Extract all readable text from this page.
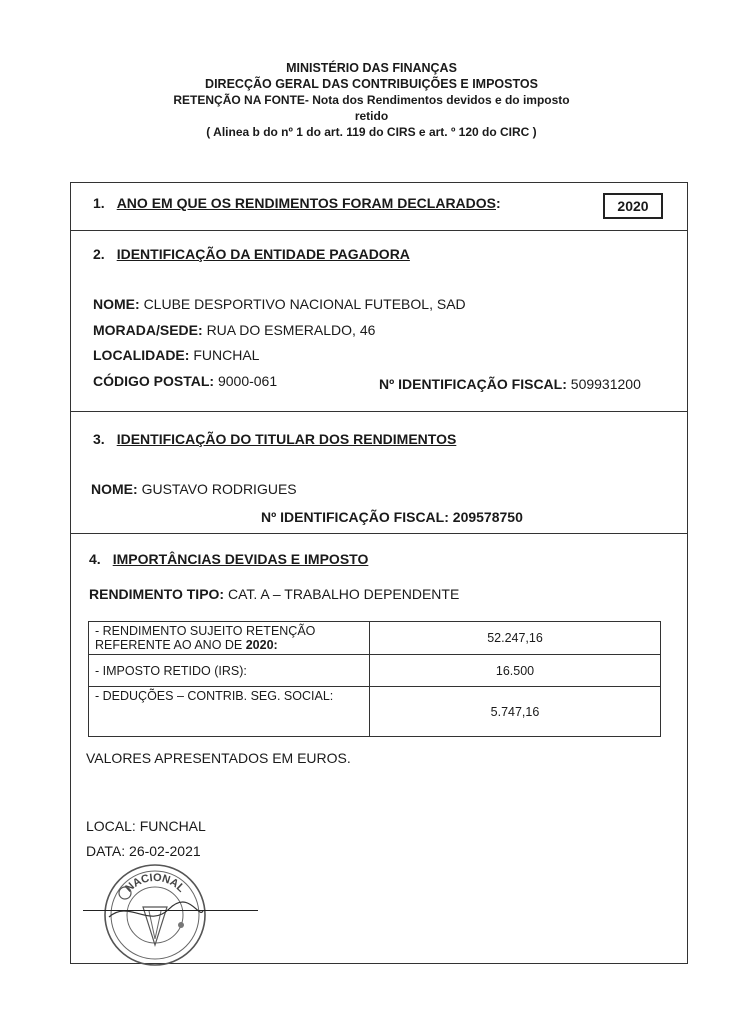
MINISTÉRIO DAS FINANÇAS
DIRECÇÃO GERAL DAS CONTRIBUIÇÕES E IMPOSTOS
RETENÇÃO NA FONTE- Nota dos Rendimentos devidos e do imposto
retido
( Alinea b do nº 1 do art. 119 do CIRS e art. º 120 do CIRC )
1. ANO EM QUE OS RENDIMENTOS FORAM DECLARADOS:	2020
2. IDENTIFICAÇÃO DA ENTIDADE PAGADORA
NOME: CLUBE DESPORTIVO NACIONAL FUTEBOL, SAD
MORADA/SEDE: RUA DO ESMERALDO, 46
LOCALIDADE: FUNCHAL
CÓDIGO POSTAL: 9000-061	Nº IDENTIFICAÇÃO FISCAL: 509931200
3. IDENTIFICAÇÃO DO TITULAR DOS RENDIMENTOS
NOME: GUSTAVO RODRIGUES
Nº IDENTIFICAÇÃO FISCAL: 209578750
4. IMPORTÂNCIAS DEVIDAS E IMPOSTO
RENDIMENTO TIPO: CAT. A – TRABALHO DEPENDENTE
- RENDIMENTO SUJEITO RETENÇÃO
REFERENTE AO ANO DE 2020:	52.247,16
- IMPOSTO RETIDO (IRS):	16.500
- DEDUÇÕES – CONTRIB. SEG. SOCIAL:	5.747,16
VALORES APRESENTADOS EM EUROS.
LOCAL: FUNCHAL
DATA: 26-02-2021
NACIONAL
